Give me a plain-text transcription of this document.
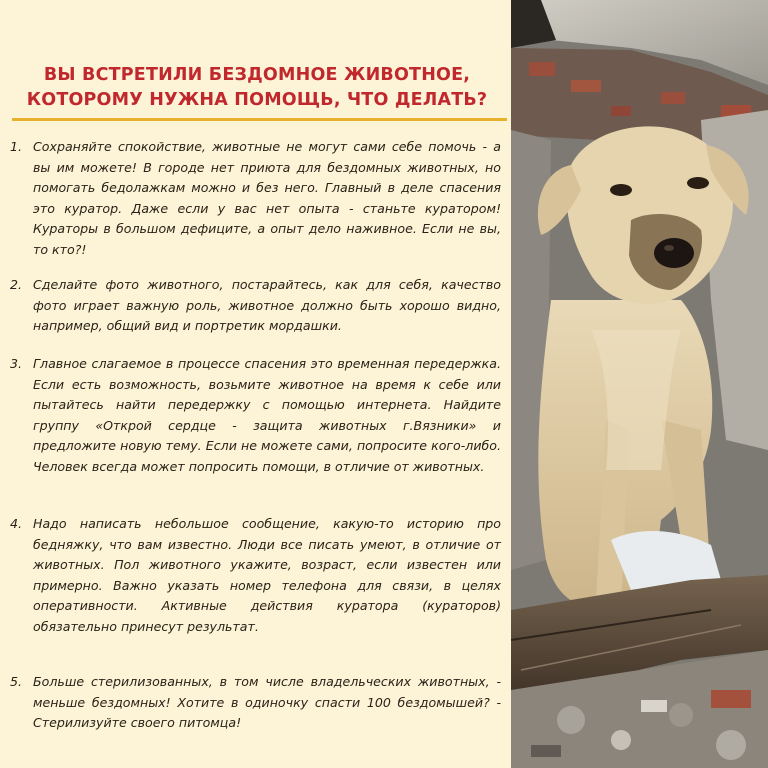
ВЫ ВСТРЕТИЛИ БЕЗДОМНОЕ ЖИВОТНОЕ,
КОТОРОМУ НУЖНА ПОМОЩЬ, ЧТО ДЕЛАТЬ?

1. Сохраняйте спокойствие, животные не могут сами себе помочь - а вы им можете! В городе нет приюта для бездомных животных, но помогать бедолажкам можно и без него. Главный в деле спасения это куратор. Даже если у вас нет опыта - станьте куратором! Кураторы в большом дефиците, а опыт дело наживное. Если не вы, то кто?!

2. Сделайте фото животного, постарайтесь, как для себя, качество фото играет важную роль, животное должно быть хорошо видно, например, общий вид и портретик мордашки.

3. Главное слагаемое в процессе спасения это временная передержка. Если есть возможность, возьмите животное на время к себе или пытайтесь найти передержку с помощью интернета. Найдите группу «Открой сердце - защита животных г.Вязники» и предложите новую тему. Если не можете сами, попросите кого-либо. Человек всегда может попросить помощи, в отличие от животных.

4. Надо написать небольшое сообщение, какую-то историю про бедняжку, что вам известно. Люди все писать умеют, в отличие от животных. Пол животного укажите, возраст, если известен или примерно. Важно указать номер телефона для связи, в целях оперативности. Активные действия куратора (кураторов) обязательно принесут результат.

5. Больше стерилизованных, в том числе владельческих животных, - меньше бездомных! Хотите в одиночку спасти 100 бездомышей? - Стерилизуйте своего питомца!
